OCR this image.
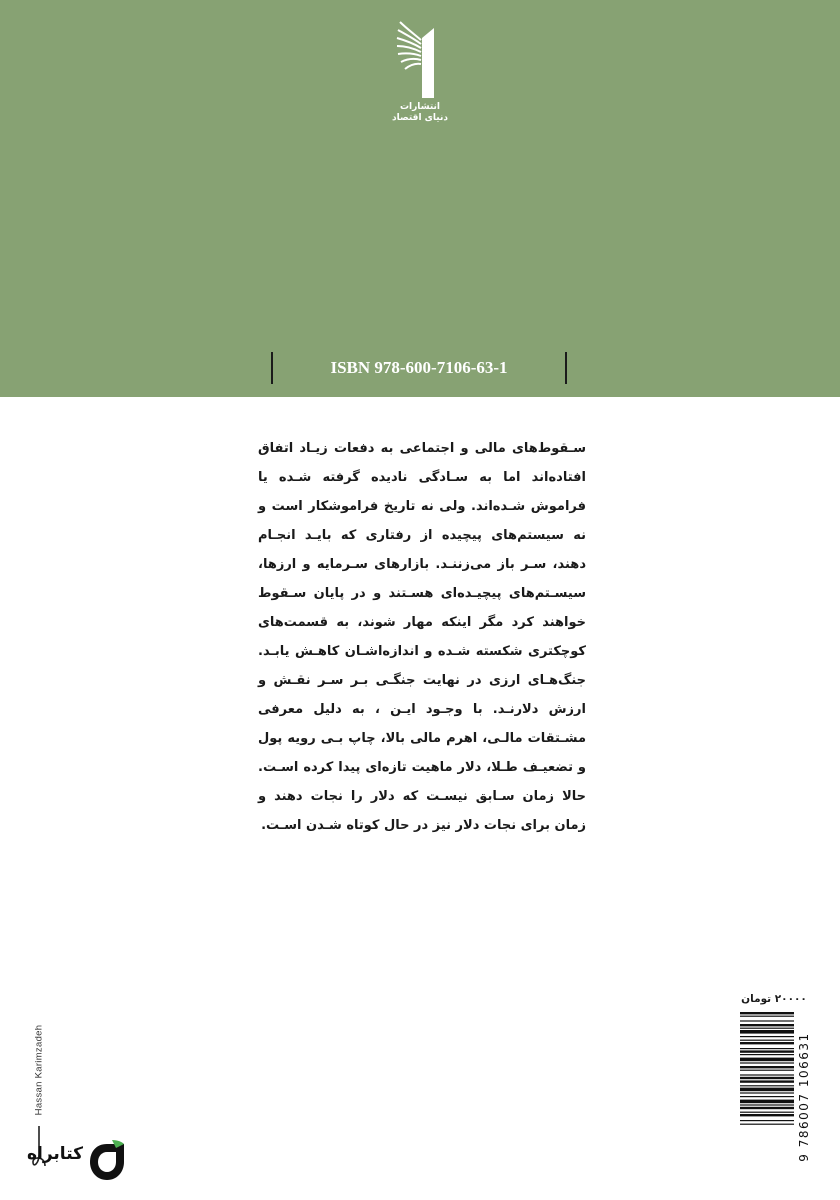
انتشارات
دنیای اقتصاد
ISBN 978-600-7106-63-1

سـقوط‌های مالی و اجتماعی به دفعات زیـاد اتفاق افتاده‌اند اما به سـادگی نادیده گرفته شـده یا فراموش شـده‌اند. ولی نه تاریخ فراموشکار است و نه سیستم‌های پیچیده از رفتاری که بایـد انجـام دهند، سـر باز می‌زننـد. بازارهای سـرمایه و ارزها، سیسـتم‌های پیچیـده‌ای هسـتند و در پایان سـقوط خواهند کرد مگر اینکه مهار شوند، به قسمت‌های کوچکتری شکسته شـده و اندازه‌اشـان کاهـش یابـد. جنگ‌هـای ارزی در نهایت جنگـی بـر سـر نقـش و ارزش دلارنـد. با وجـود ایـن ، به دلیل معرفی مشـتقات مالـی، اهرم مالی بالا، چاپ بـی رویه پول و تضعیـف طـلا، دلار ماهیت تازه‌ای پیدا کرده اسـت. حالا زمان سـابق نیسـت که دلار را نجات دهند و زمان برای نجات دلار نیز در حال کوتاه شـدن اسـت.

۲۰۰۰۰ تومان
9 786007 106631
Hassan Karimzadeh
کتابراه
